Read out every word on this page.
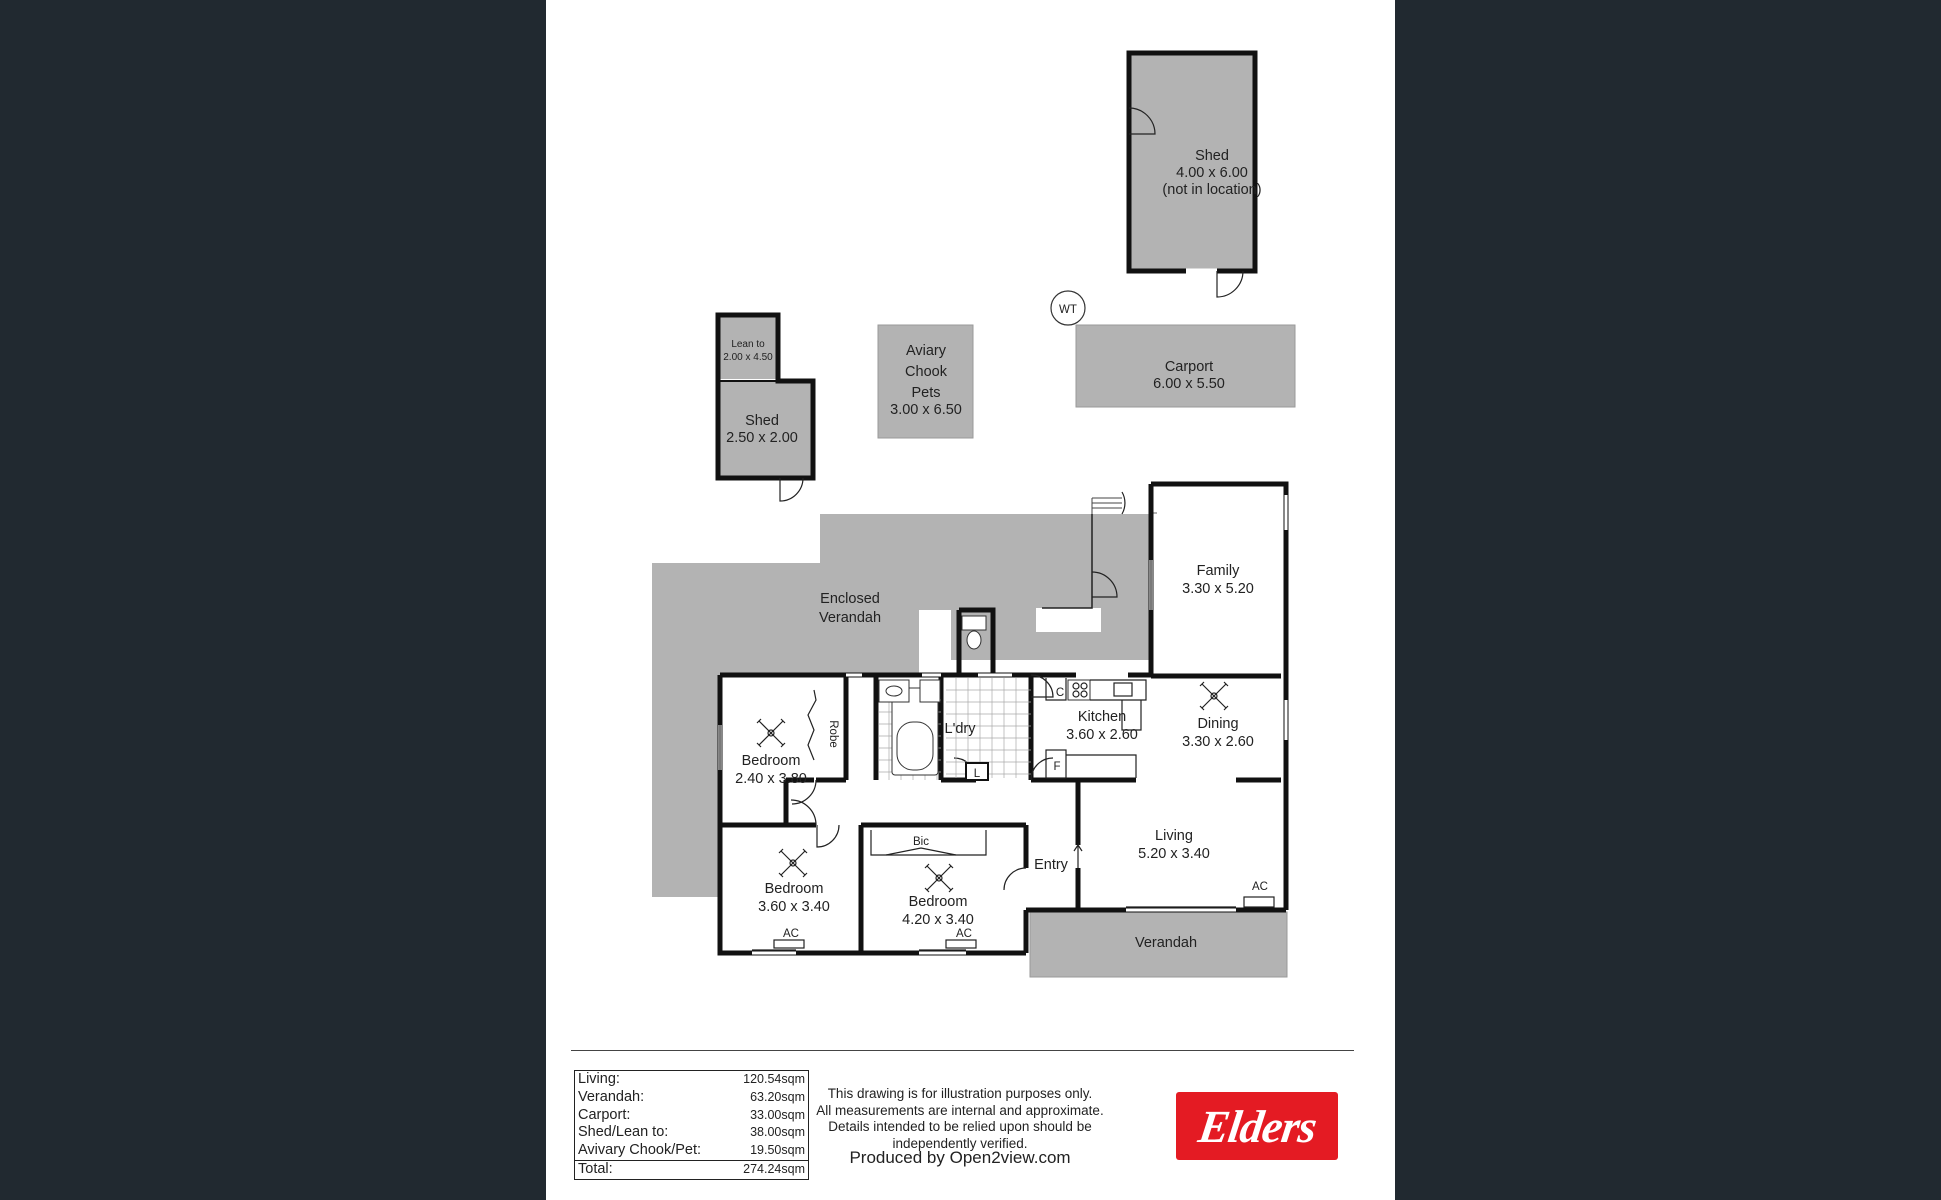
Shed
4.00 x 6.00
(not in location)
WT
Carport
6.00 x 5.50
Aviary
Chook
Pets
3.00 x 6.50
Lean to
2.00 x 4.50
Shed
2.50 x 2.00
Enclosed
Verandah
Verandah
L
L'dry
C
F
Kitchen
3.60 x 2.60
Family
3.30 x 5.20
Dining
3.30 x 2.60
Living
5.20 x 3.40
AC
Entry
Bedroom
2.40 x 3.80
Robe
Bedroom
3.60 x 3.40
AC
Bic
Bedroom
4.20 x 3.40
AC
Living:	120.54sqm
Verandah:	63.20sqm
Carport:	33.00sqm
Shed/Lean to:	38.00sqm
Avivary Chook/Pet:	19.50sqm
Total:	274.24sqm
This drawing is for illustration purposes only.
All measurements are internal and approximate.
Details intended to be relied upon should be
independently verified.
Produced by Open2view.com
Elders
